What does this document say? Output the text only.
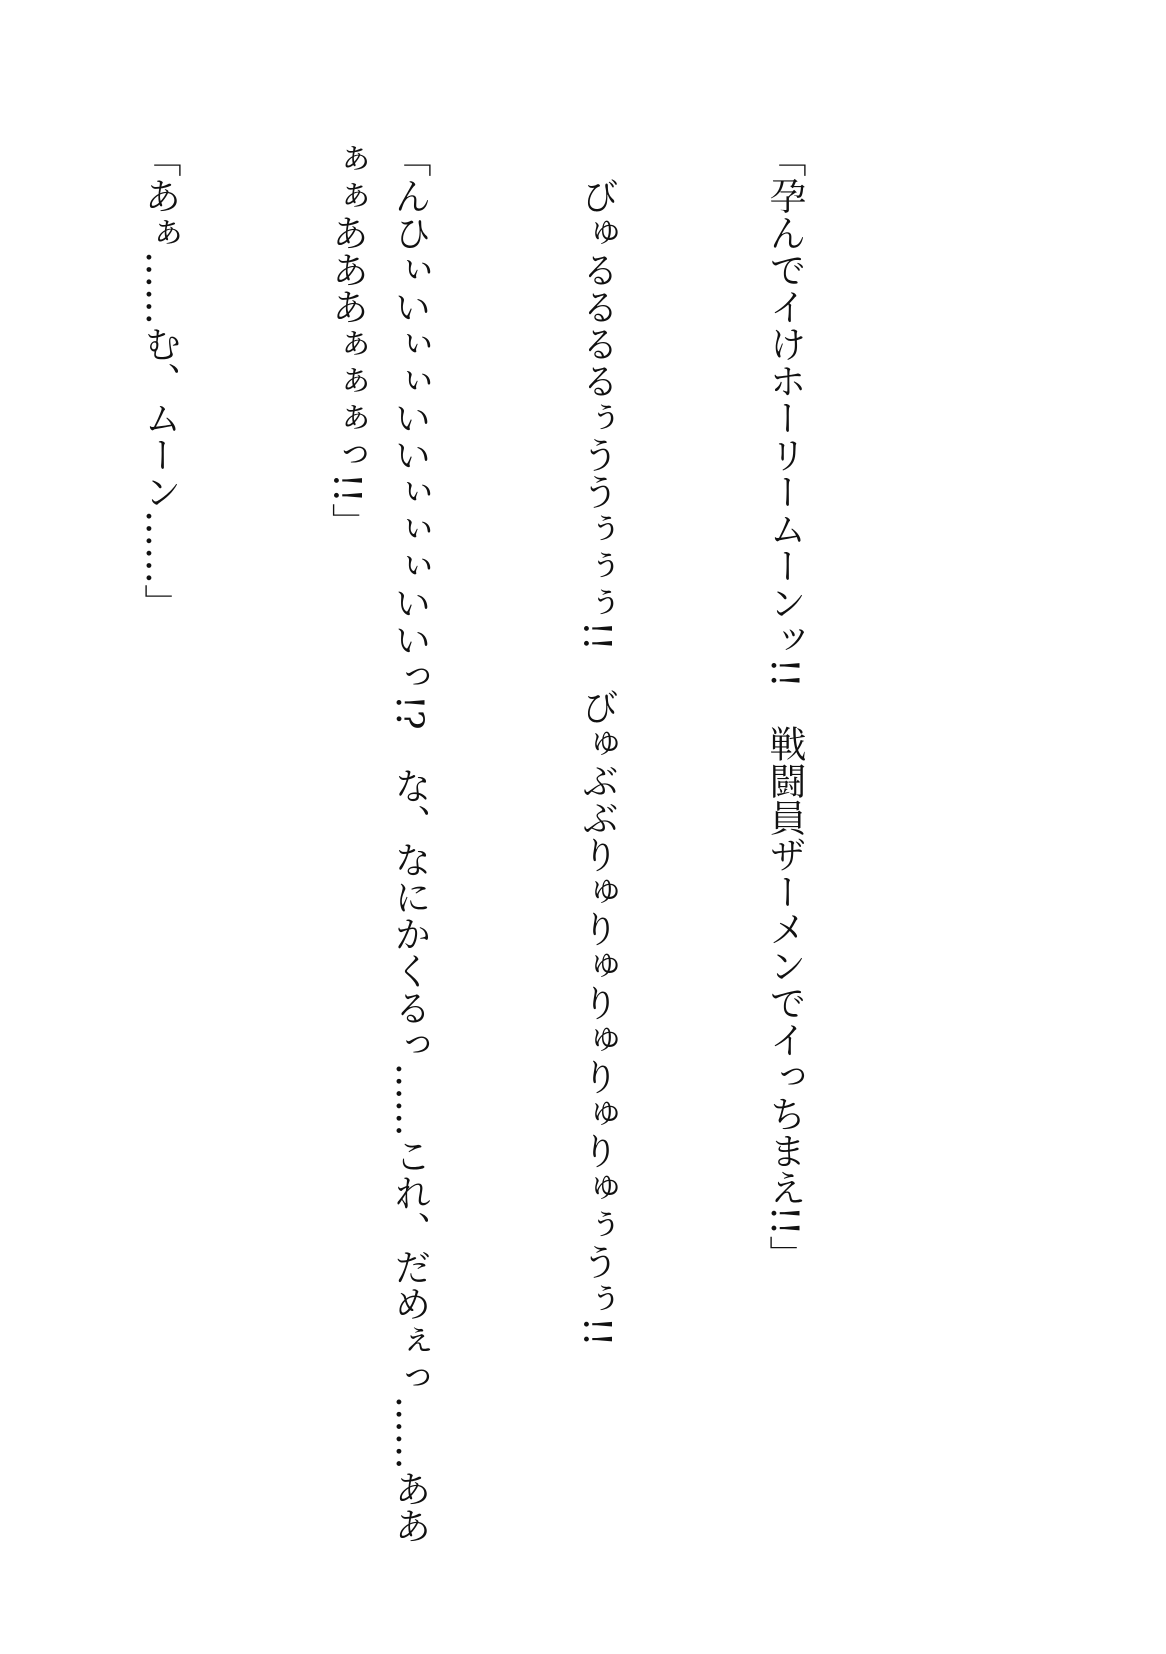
「孕んでイけホーリームーンッ!!　戦闘員ザーメンでイっちまえ!!」

　びゅるるるるぅううぅぅぅ!!　びゅぶぶりゅりゅりゅりゅりゅぅうぅ!!

「んひぃいぃぃいいぃぃぃいいっ!?　な、なにかくるっ……これ、だめぇっ……ああぁぁあああぁぁぁっ!!」

「あぁ……む、ムーン……」
